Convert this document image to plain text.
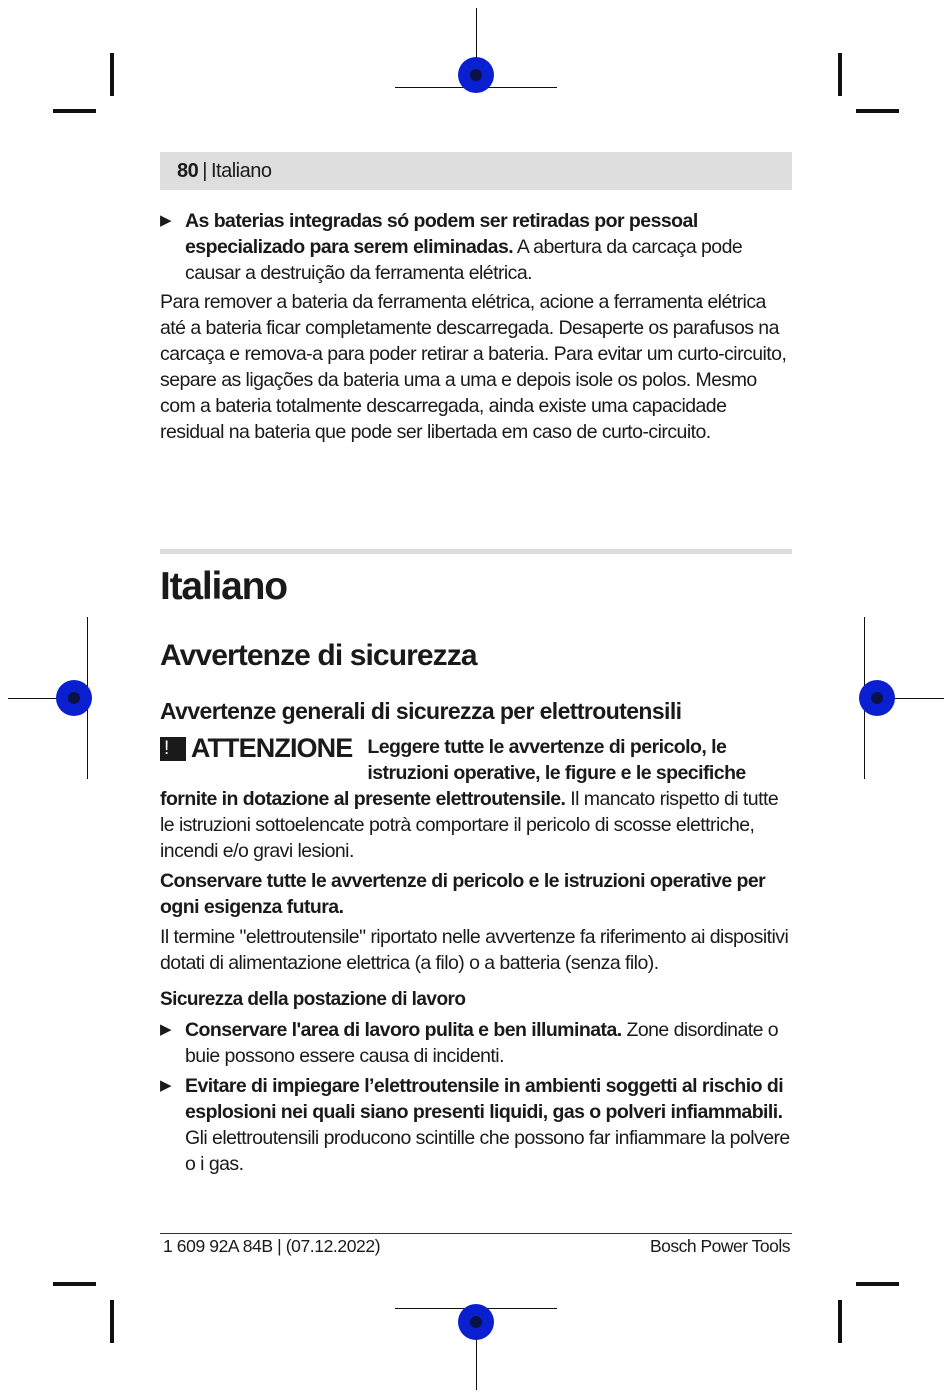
80 | Italiano

▶ As baterias integradas só podem ser retiradas por pessoal especializado para serem eliminadas. A abertura da carcaça pode causar a destruição da ferramenta elétrica.

Para remover a bateria da ferramenta elétrica, acione a ferramenta elétrica até a bateria ficar completamente descarregada. Desaperte os parafusos na carcaça e remova-a para poder retirar a bateria. Para evitar um curto-circuito, separe as ligações da bateria uma a uma e depois isole os polos. Mesmo com a bateria totalmente descarregada, ainda existe uma capacidade residual na bateria que pode ser libertada em caso de curto-circuito.

Italiano
Avvertenze di sicurezza
Avvertenze generali di sicurezza per elettroutensili

! ATTENZIONE Leggere tutte le avvertenze di pericolo, le istruzioni operative, le figure e le specifiche fornite in dotazione al presente elettroutensile. Il mancato rispetto di tutte le istruzioni sottoelencate potrà comportare il pericolo di scosse elettriche, incendi e/o gravi lesioni.

Conservare tutte le avvertenze di pericolo e le istruzioni operative per ogni esigenza futura.

Il termine "elettroutensile" riportato nelle avvertenze fa riferimento ai dispositivi dotati di alimentazione elettrica (a filo) o a batteria (senza filo).

Sicurezza della postazione di lavoro

▶ Conservare l'area di lavoro pulita e ben illuminata. Zone disordinate o buie possono essere causa di incidenti.

▶ Evitare di impiegare l’elettroutensile in ambienti soggetti al rischio di esplosioni nei quali siano presenti liquidi, gas o polveri infiammabili. Gli elettroutensili producono scintille che possono far infiammare la polvere o i gas.

1 609 92A 84B | (07.12.2022)	Bosch Power Tools
